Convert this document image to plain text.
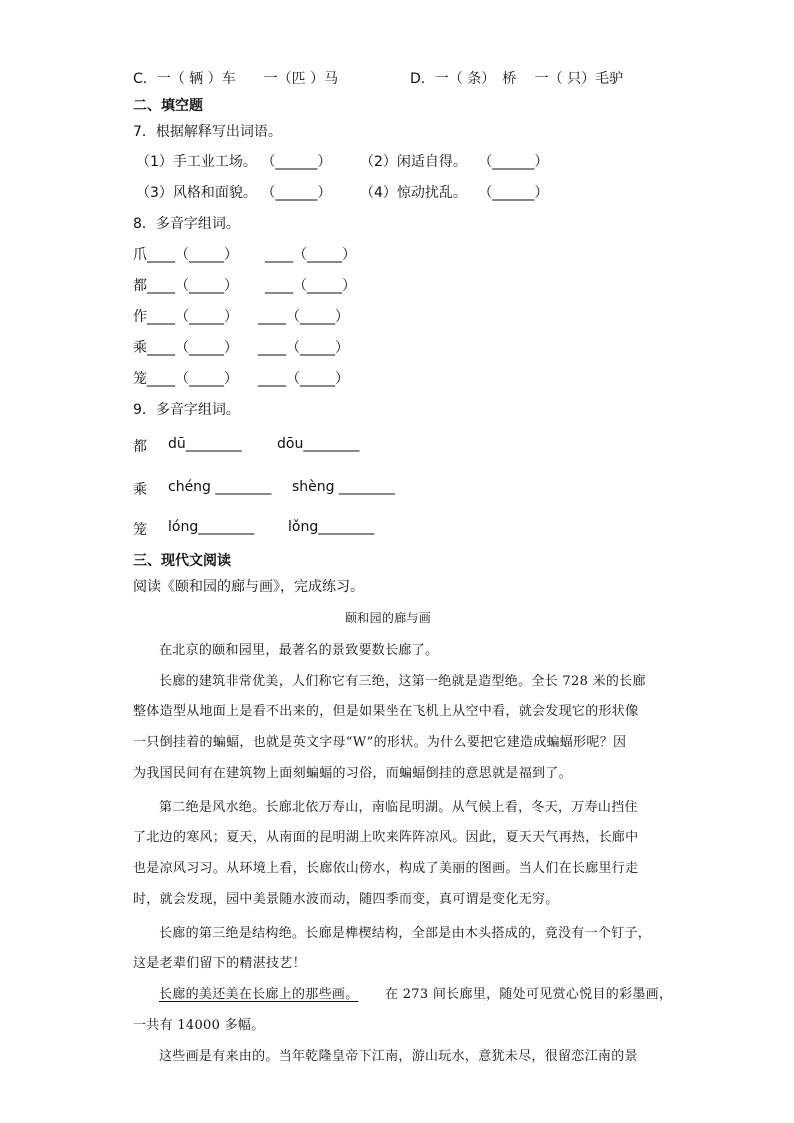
C．一（ 辆 ）车　　一（匹 ）马	D．一（ 条）　桥　 一（ 只）毛驴
二、填空题
7．根据解释写出词语。
（1）手工业工场。 （______） （2）闲适自得。　 （______）
（3）风格和面貌。 （______） （4）惊动扰乱。　 （______）
8．多音字组词。
爪____（_____） ____（_____）
都____（_____） ____（_____）
作____（_____） ____（_____）
乘____（_____） ____（_____）
笼____（_____） ____（_____）
9．多音字组词。
都 dū________	dōu________
乘 chéng ________ shèng ________
笼 lóng________ lǒng________
三、现代文阅读
阅读《颐和园的廊与画》，完成练习。
颐和园的廊与画
在北京的颐和园里，最著名的景致要数长廊了。
长廊的建筑非常优美，人们称它有三绝，这第一绝就是造型绝。全长 728 米的长廊
整体造型从地面上是看不出来的，但是如果坐在飞机上从空中看，就会发现它的形状像
一只倒挂着的蝙蝠，也就是英文字母“W”的形状。为什么要把它建造成蝙蝠形呢？因
为我国民间有在建筑物上面刻蝙蝠的习俗，而蝙蝠倒挂的意思就是福到了。
第二绝是风水绝。长廊北依万寿山，南临昆明湖。从气候上看，冬天，万寿山挡住
了北边的寒风；夏天，从南面的昆明湖上吹来阵阵凉风。因此，夏天天气再热，长廊中
也是凉风习习。从环境上看，长廊依山傍水，构成了美丽的图画。当人们在长廊里行走
时，就会发现，园中美景随水波而动，随四季而变，真可谓是变化无穷。
长廊的第三绝是结构绝。长廊是榫楔结构，全部是由木头搭成的，竟没有一个钉子，
这是老辈们留下的精湛技艺！
长廊的美还美在长廊上的那些画。 在 273 间长廊里，随处可见赏心悦目的彩墨画，
一共有 14000 多幅。
这些画是有来由的。当年乾隆皇帝下江南，游山玩水，意犹未尽，很留恋江南的景
